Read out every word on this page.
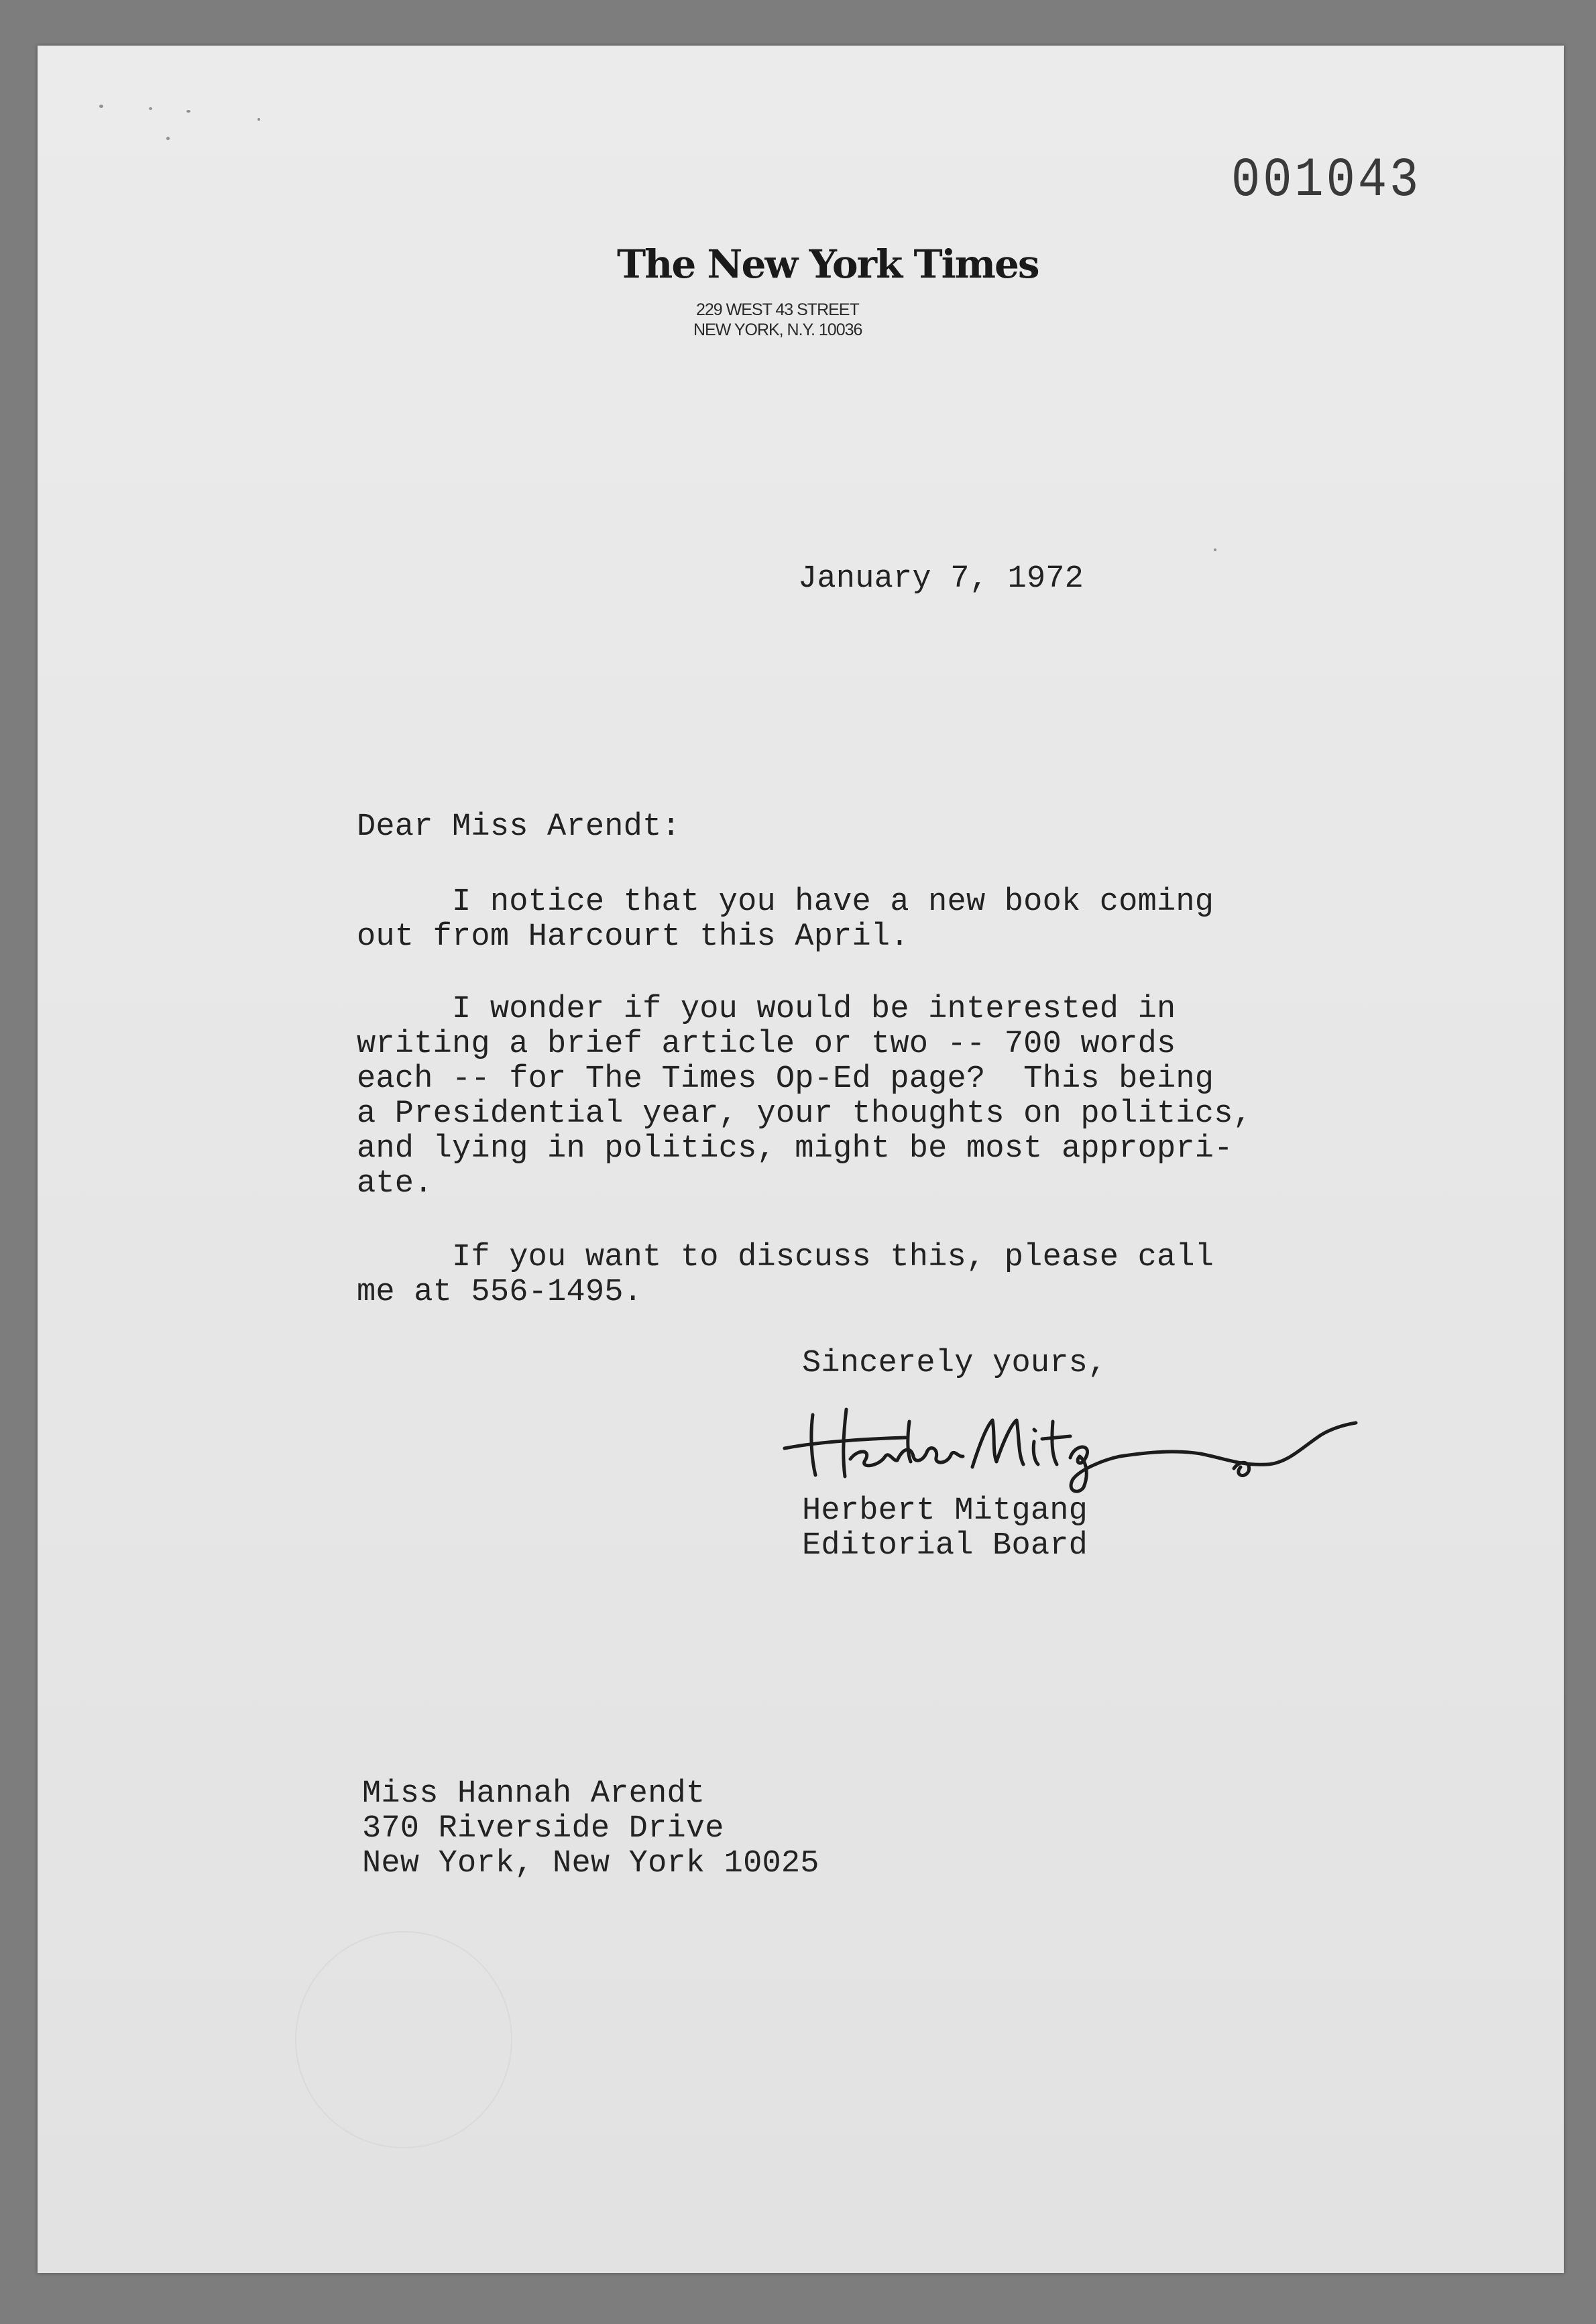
001043
The New York Times
229 WEST 43 STREET
NEW YORK, N.Y. 10036
January 7, 1972
Dear Miss Arendt:
I notice that you have a new book coming
out from Harcourt this April.
I wonder if you would be interested in
writing a brief article or two -- 700 words
each -- for The Times Op-Ed page?  This being
a Presidential year, your thoughts on politics,
and lying in politics, might be most appropri-
ate.
If you want to discuss this, please call
me at 556-1495.
Sincerely yours,
Herbert Mitgang
Editorial Board
Miss Hannah Arendt
370 Riverside Drive
New York, New York 10025
